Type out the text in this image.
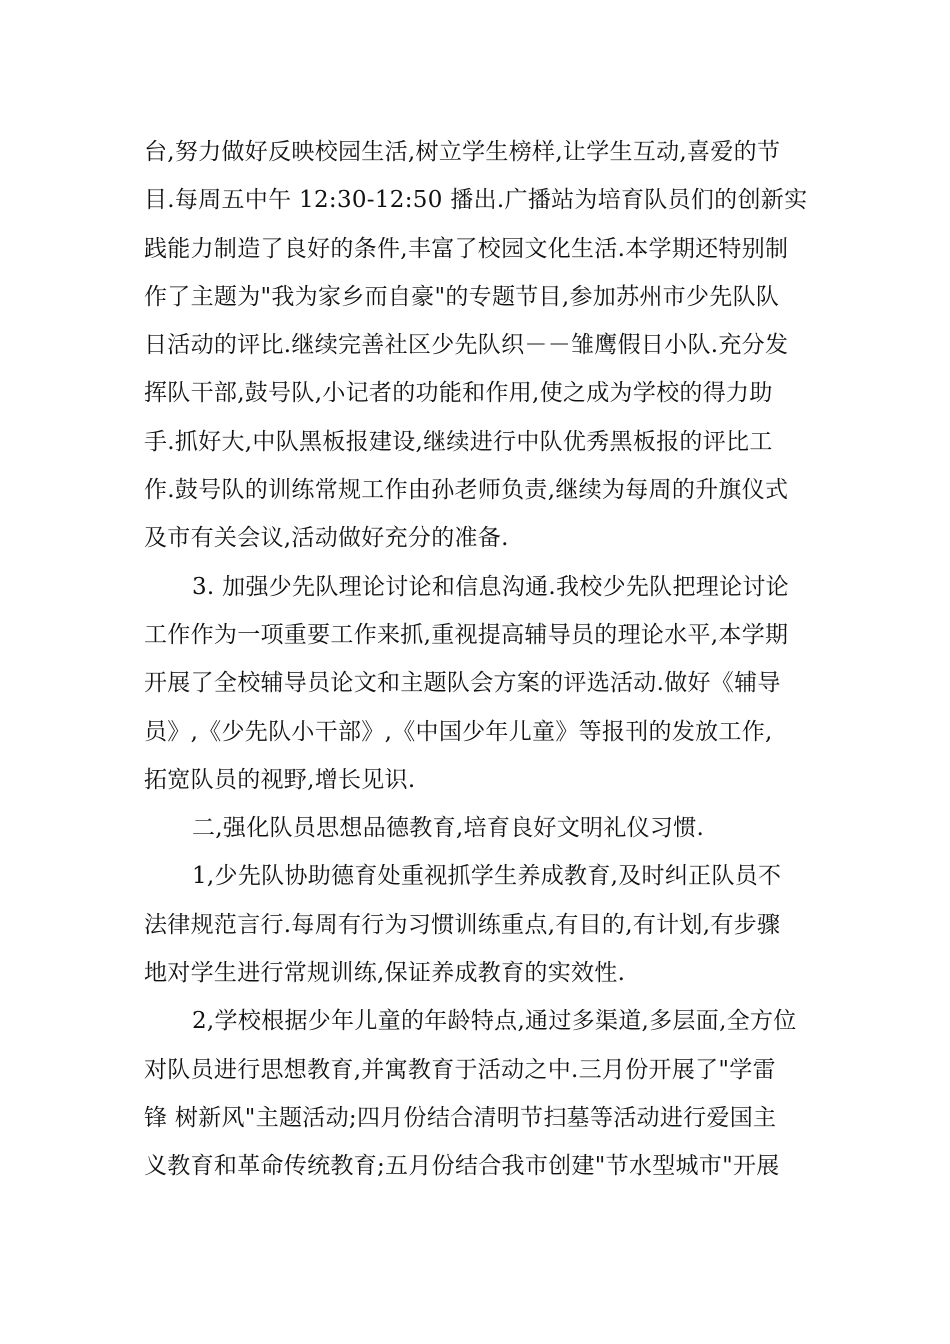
台,努力做好反映校园生活,树立学生榜样,让学生互动,喜爱的节
目.每周五中午 12:30-12:50 播出.广播站为培育队员们的创新实
践能力制造了良好的条件,丰富了校园文化生活.本学期还特别制
作了主题为"我为家乡而自豪"的专题节目,参加苏州市少先队队
日活动的评比.继续完善社区少先队织－－雏鹰假日小队.充分发
挥队干部,鼓号队,小记者的功能和作用,使之成为学校的得力助
手.抓好大,中队黑板报建设,继续进行中队优秀黑板报的评比工
作.鼓号队的训练常规工作由孙老师负责,继续为每周的升旗仪式
及市有关会议,活动做好充分的准备.
3. 加强少先队理论讨论和信息沟通.我校少先队把理论讨论
工作作为一项重要工作来抓,重视提高辅导员的理论水平,本学期
开展了全校辅导员论文和主题队会方案的评选活动.做好《辅导
员》,《少先队小干部》,《中国少年儿童》等报刊的发放工作,
拓宽队员的视野,增长见识.
二,强化队员思想品德教育,培育良好文明礼仪习惯.
1,少先队协助德育处重视抓学生养成教育,及时纠正队员不
法律规范言行.每周有行为习惯训练重点,有目的,有计划,有步骤
地对学生进行常规训练,保证养成教育的实效性.
2,学校根据少年儿童的年龄特点,通过多渠道,多层面,全方位
对队员进行思想教育,并寓教育于活动之中.三月份开展了"学雷
锋 树新风"主题活动;四月份结合清明节扫墓等活动进行爱国主
义教育和革命传统教育;五月份结合我市创建"节水型城市"开展
